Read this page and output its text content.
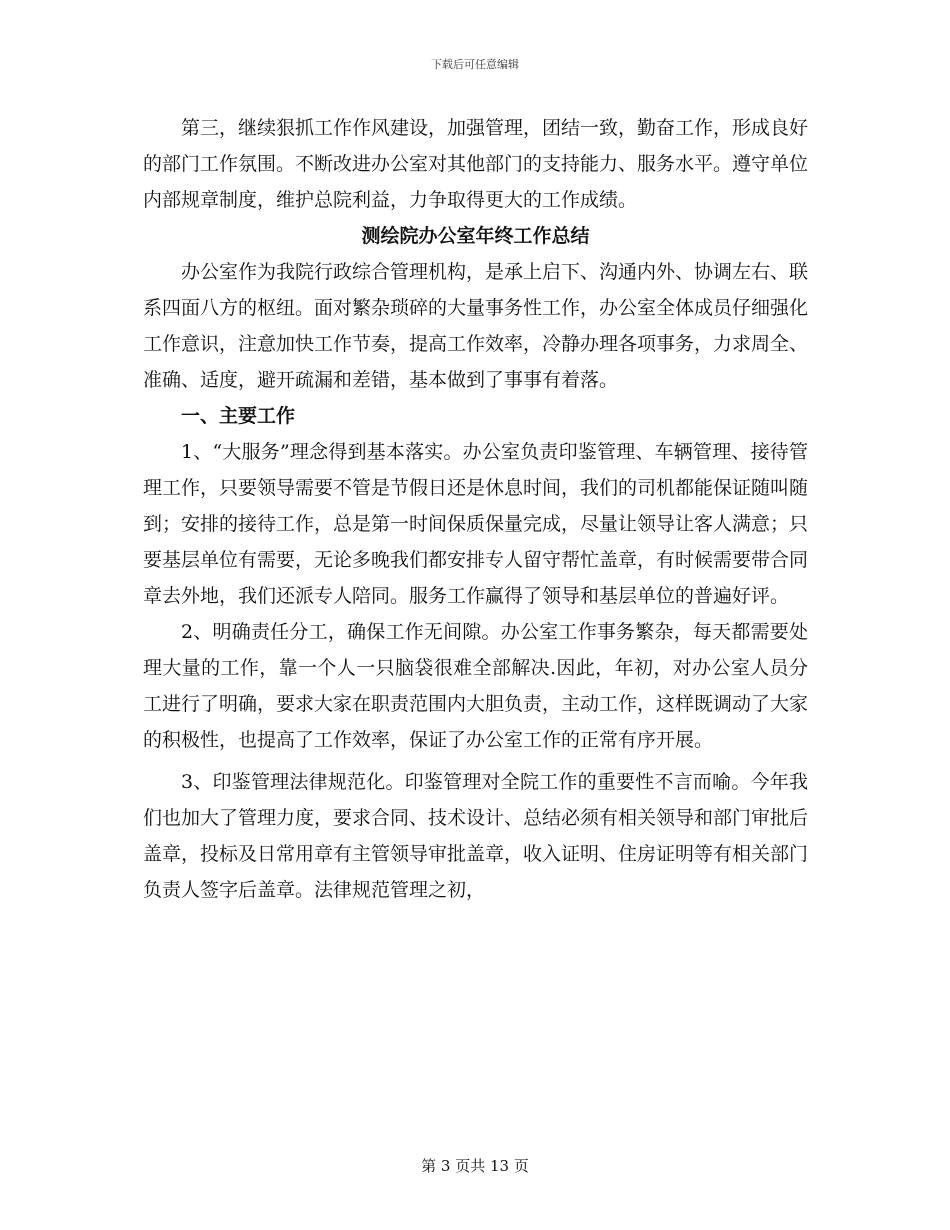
下载后可任意编辑

第三，继续狠抓工作作风建设，加强管理，团结一致，勤奋工作，形成良好的部门工作氛围。不断改进办公室对其他部门的支持能力、服务水平。遵守单位内部规章制度，维护总院利益，力争取得更大的工作成绩。

测绘院办公室年终工作总结

办公室作为我院行政综合管理机构，是承上启下、沟通内外、协调左右、联系四面八方的枢纽。面对繁杂琐碎的大量事务性工作，办公室全体成员仔细强化工作意识，注意加快工作节奏，提高工作效率，冷静办理各项事务，力求周全、准确、适度，避开疏漏和差错，基本做到了事事有着落。

一、主要工作

1、“大服务”理念得到基本落实。办公室负责印鉴管理、车辆管理、接待管理工作，只要领导需要不管是节假日还是休息时间，我们的司机都能保证随叫随到；安排的接待工作，总是第一时间保质保量完成，尽量让领导让客人满意；只要基层单位有需要，无论多晚我们都安排专人留守帮忙盖章，有时候需要带合同章去外地，我们还派专人陪同。服务工作赢得了领导和基层单位的普遍好评。

2、明确责任分工，确保工作无间隙。办公室工作事务繁杂，每天都需要处理大量的工作，靠一个人一只脑袋很难全部解决.因此，年初，对办公室人员分工进行了明确，要求大家在职责范围内大胆负责，主动工作，这样既调动了大家的积极性，也提高了工作效率，保证了办公室工作的正常有序开展。

3、印鉴管理法律规范化。印鉴管理对全院工作的重要性不言而喻。今年我们也加大了管理力度，要求合同、技术设计、总结必须有相关领导和部门审批后盖章，投标及日常用章有主管领导审批盖章，收入证明、住房证明等有相关部门负责人签字后盖章。法律规范管理之初，

第 3 页共 13 页
